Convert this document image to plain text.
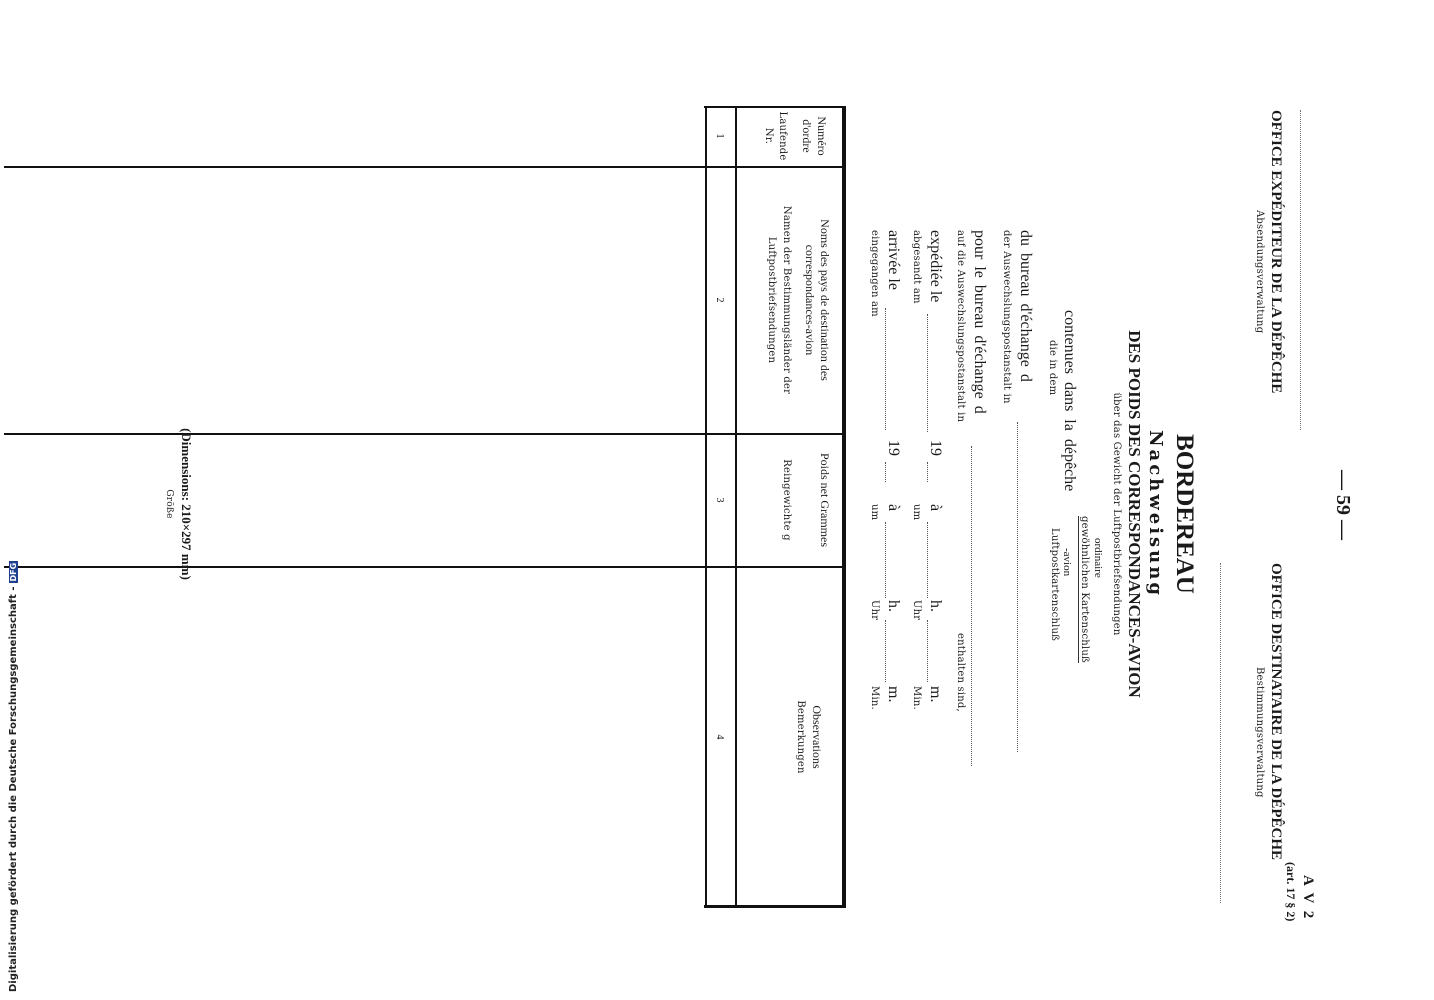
— 59 —
A V 2
(art. 17 § 2)
OFFICE EXPÉDITEUR DE LA DÉPÊCHE
Absendungsverwaltung
OFFICE DESTINATAIRE DE LA DÉPÊCHE
Bestimmungsverwaltung
BORDEREAU
Nachweisung
DES POIDS DES CORRESPONDANCES-AVION
über das Gewicht der Luftpostbriefsendungen
ordinaire
gewöhnlichen Kartenschluß
-avion
Luftpostkartenschluß
contenues dans la dépêche
die in dem
du bureau d'échange d
der Auswechslungspostanstalt in
pour le bureau d'échange d
auf die Auswechslungspostanstalt in
enthalten sind,
expédiée le
19
à
h.
m.
abgesandt am
um
Uhr
Min.
arrivée le
19
à
h.
m.
eingegangen am
um
Uhr
Min.
Numéro d'ordre
Laufende Nr.
1
Noms des pays de destination des correspondances-avion
Namen der Bestimmungsländer der Luftpostbriefsendungen
2
Poids net Grammes
Reingewichte g
3
Observations
Bemerkungen
4
(Dimensions: 210×297 mm)
Größe
Digitalisierung gefördert durch die Deutsche Forschungsgemeinschaft -DFG
